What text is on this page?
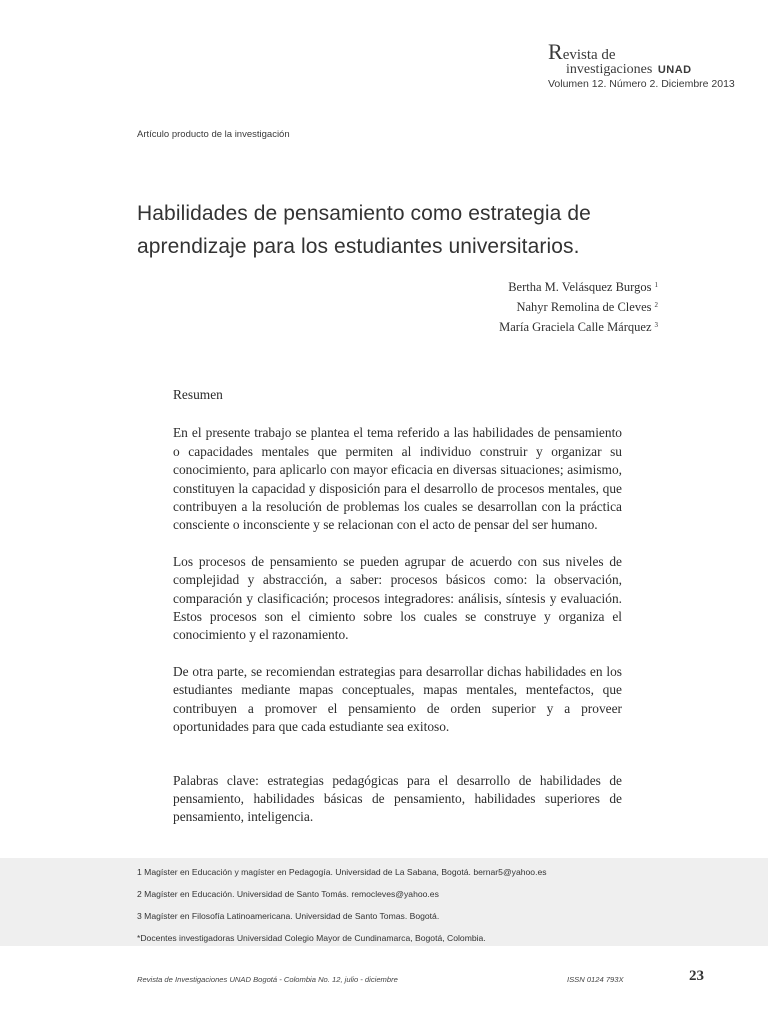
Revista de
investigaciones UNAD
Volumen 12. Número 2. Diciembre 2013
Artículo producto de la investigación
Habilidades de pensamiento como estrategia de aprendizaje para los estudiantes universitarios.
Bertha M. Velásquez Burgos $^1$
Nahyr Remolina de Cleves $^2$
María Graciela Calle Márquez $^3$

Resumen

En el presente trabajo se plantea el tema referido a las habilidades de pensamiento o capacidades mentales que permiten al individuo construir y organizar su conocimiento, para aplicarlo con mayor eficacia en diversas situaciones; asimismo, constituyen la capacidad y disposición para el desarrollo de procesos mentales, que contribuyen a la resolución de problemas los cuales se desarrollan con la práctica consciente o inconsciente y se relacionan con el acto de pensar del ser humano.

Los procesos de pensamiento se pueden agrupar de acuerdo con sus niveles de complejidad y abstracción, a saber: procesos básicos como: la observación, comparación y clasificación; procesos integradores: análisis, síntesis y evaluación. Estos procesos son el cimiento sobre los cuales se construye y organiza el conocimiento y el razonamiento.

De otra parte, se recomiendan estrategias para desarrollar dichas habilidades en los estudiantes mediante mapas conceptuales, mapas mentales, mentefactos, que contribuyen a promover el pensamiento de orden superior y a proveer oportunidades para que cada estudiante sea exitoso.

Palabras clave: estrategias pedagógicas para el desarrollo de habilidades de pensamiento, habilidades básicas de pensamiento, habilidades superiores de pensamiento, inteligencia.

1 Magíster en Educación y magíster en Pedagogía. Universidad de La Sabana, Bogotá. bernar5@yahoo.es
2 Magíster en Educación. Universidad de Santo Tomás. remocleves@yahoo.es
3 Magíster en Filosofía Latinoamericana. Universidad de Santo Tomas. Bogotá.
*Docentes investigadoras Universidad Colegio Mayor de Cundinamarca, Bogotá, Colombia.
Revista de Investigaciones UNAD Bogotá - Colombia No. 12, julio - diciembre	ISSN 0124 793X	23
